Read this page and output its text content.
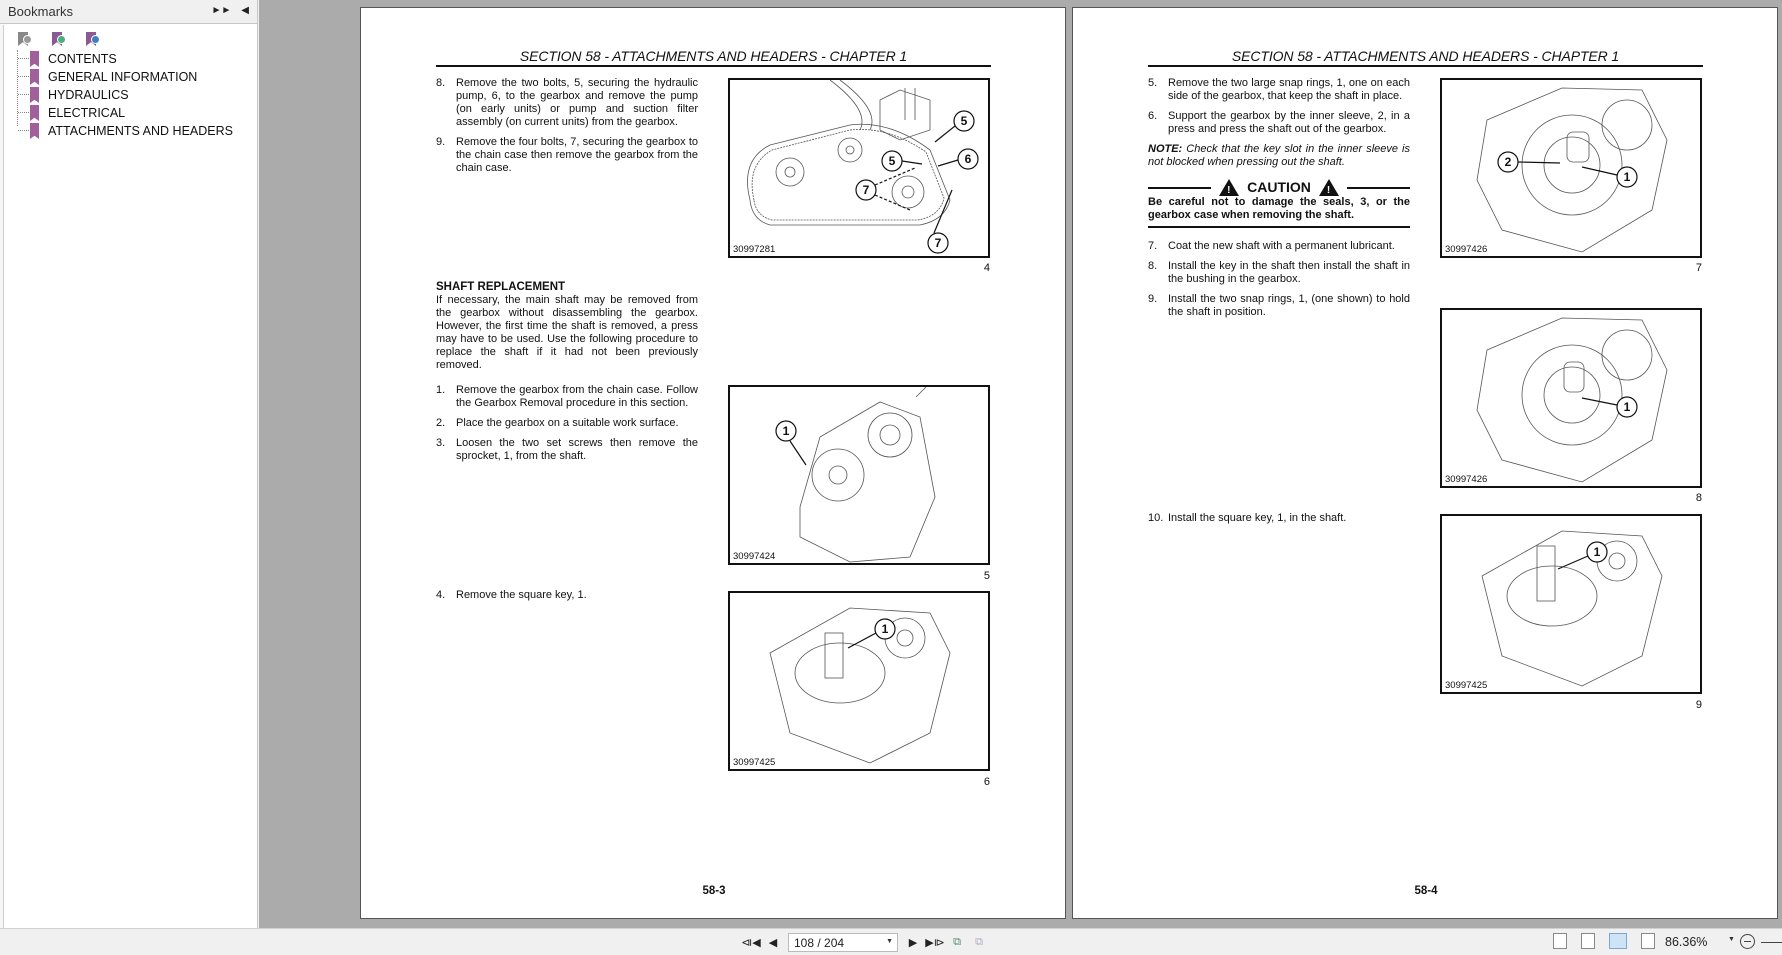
Bookmarks	►► ◀
CONTENTS
GENERAL INFORMATION
HYDRAULICS
ELECTRICAL
ATTACHMENTS AND HEADERS
SECTION 58 - ATTACHMENTS AND HEADERS - CHAPTER 1
8. Remove the two bolts, 5, securing the hydraulic pump, 6, to the gearbox and remove the pump (on early units) or pump and suction filter assembly (on current units) from the gearbox.
9. Remove the four bolts, 7, securing the gearbox to the chain case then remove the gearbox from the chain case.
SHAFT REPLACEMENT
If necessary, the main shaft may be removed from the gearbox without disassembling the gearbox. However, the first time the shaft is removed, a press may have to be used. Use the following procedure to replace the shaft if it had not been previously removed.
1. Remove the gearbox from the chain case. Follow the Gearbox Removal procedure in this section.
2. Place the gearbox on a suitable work surface.
3. Loosen the two set screws then remove the sprocket, 1, from the shaft.
4. Remove the square key, 1.
5
5	6
7
7
30997281
4
1
30997424
5
1
30997425
6
58-3
SECTION 58 - ATTACHMENTS AND HEADERS - CHAPTER 1
5. Remove the two large snap rings, 1, one on each side of the gearbox, that keep the shaft in place.
6. Support the gearbox by the inner sleeve, 2, in a press and press the shaft out of the gearbox.
NOTE: Check that the key slot in the inner sleeve is not blocked when pressing out the shaft.
! CAUTION !
Be careful not to damage the seals, 3, or the gearbox case when removing the shaft.
7. Coat the new shaft with a permanent lubricant.
8. Install the key in the shaft then install the shaft in the bushing in the gearbox.
9. Install the two snap rings, 1, (one shown) to hold the shaft in position.
10. Install the square key, 1, in the shaft.
2
1
30997426
7
1
30997426
8
1
30997425
9
58-4
⧏◀ ◀ 108 / 204	▼ ▶ ▶⧐ ⧉ ⧉	86.36%	▼
